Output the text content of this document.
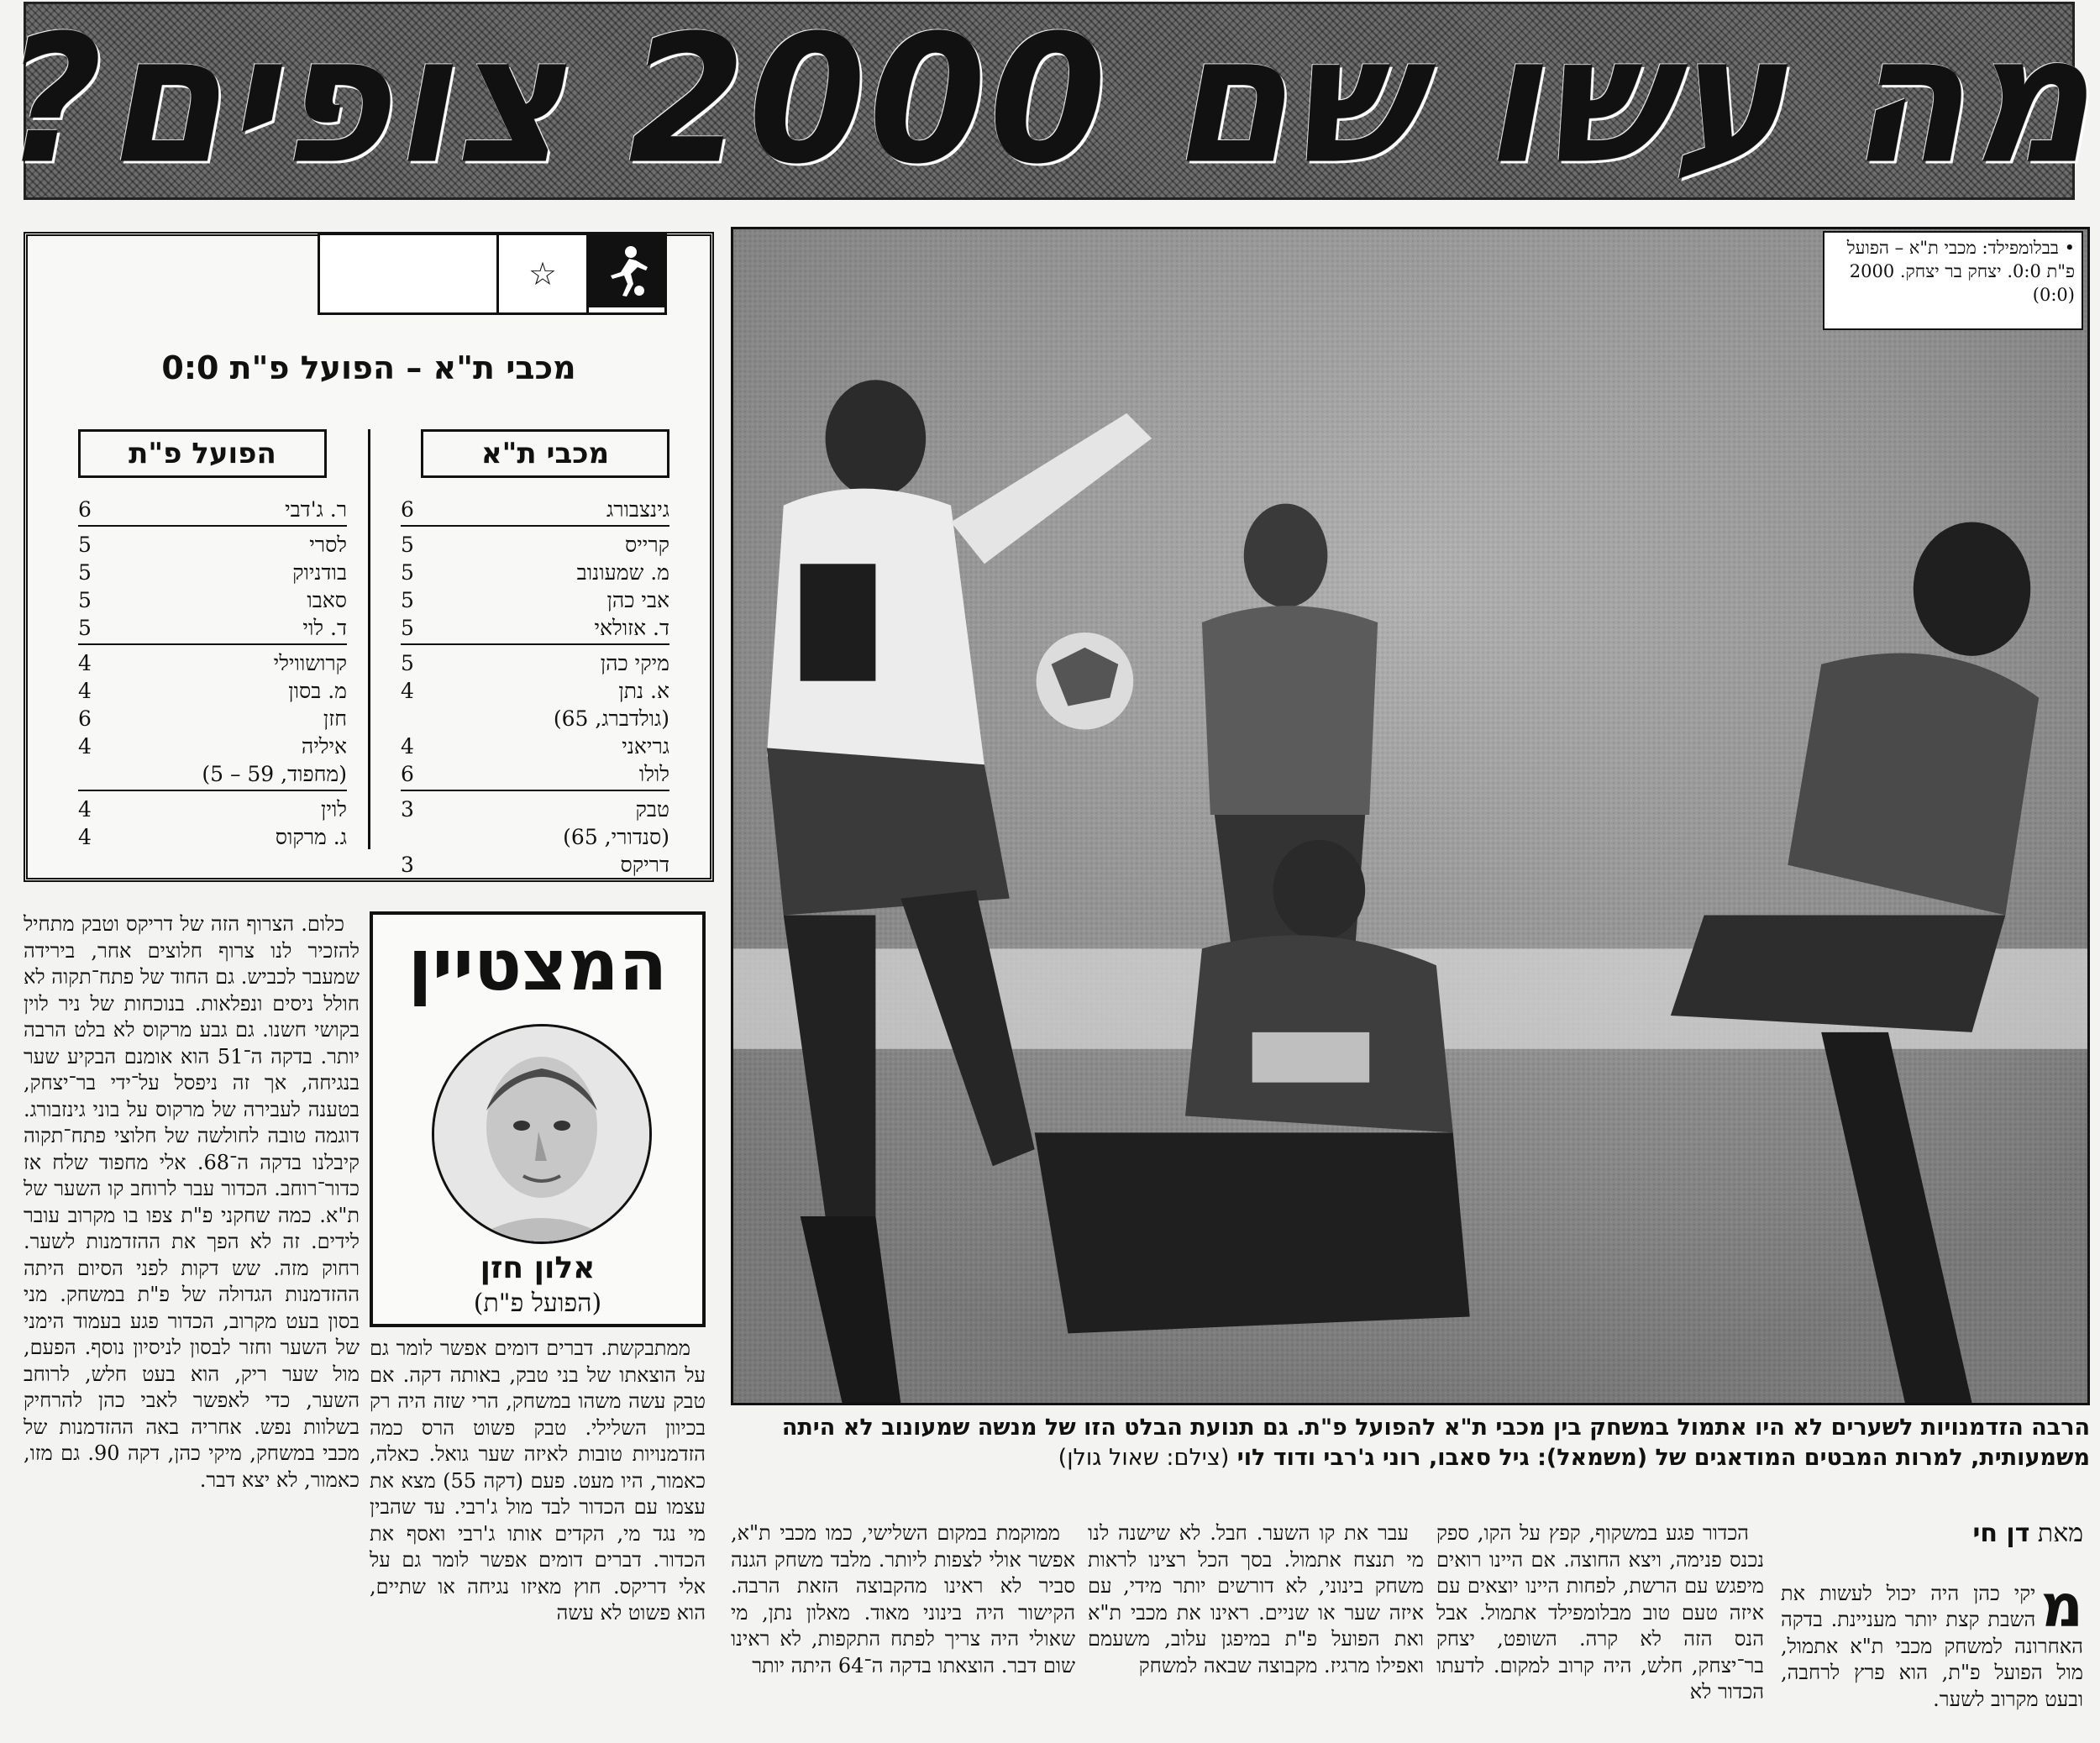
מה עשו שם 2000 צופים?
☆
מכבי ת"א – הפועל פ"ת 0:0
מכבי ת"א
הפועל פ"ת
גינצבורג
6
קרייס
5
מ. שמעונוב
5
אבי כהן
5
ד. אזולאי
5
מיקי כהן
5
א. נתן
4
(גולדברג, 65)
גריאני
4
לולו
6
טבק
3
(סנדורי, 65)
דריקס
3
ר. ג'דבי
6
לסרי
5
בודניוק
5
סאבו
5
ד. לוי
5
קרושווילי
4
מ. בסון
4
חזן
6
איליה
4
(מחפוד, 59 – 5)
לוין
4
ג. מרקוס
4
• בבלומפילד: מכבי ת"א – הפועל פ"ת 0:0. יצחק בר יצחק. 2000 (0:0)
הרבה הזדמנויות לשערים לא היו אתמול במשחק בין מכבי ת"א להפועל פ"ת. גם תנועת הבלט הזו של מנשה שמעונוב לא היתה משמעותית, למרות המבטים המודאגים של (משמאל): גיל סאבו, רוני ג'רבי ודוד לוי (צילם: שאול גולן)
המצטיין
אלון חזן
(הפועל פ"ת)

כלום. הצרוף הזה של דריקס וטבק מתחיל להזכיר לנו צרוף חלוצים אחר, בירידה שמעבר לכביש. גם החוד של פתח־תקוה לא חולל ניסים ונפלאות. בנוכחות של ניר לוין בקושי חשנו. גם גבע מרקוס לא בלט הרבה יותר. בדקה ה־51 הוא אומנם הבקיע שער בנגיחה, אך זה ניפסל על־ידי בר־יצחק, בטענה לעבירה של מרקוס על בוני גינזבורג. דוגמה טובה לחולשה של חלוצי פתח־תקוה קיבלנו בדקה ה־68. אלי מחפוד שלח אז כדור־רוחב. הכדור עבר לרוחב קו השער של ת"א. כמה שחקני פ"ת צפו בו מקרוב עובר לידים. זה לא הפך את ההזדמנות לשער. רחוק מזה. שש דקות לפני הסיום היתה ההזדמנות הגדולה של פ"ת במשחק. מני בסון בעט מקרוב, הכדור פגע בעמוד הימני של השער וחזר לבסון לניסיון נוסף. הפעם, מול שער ריק, הוא בעט חלש, לרוחב השער, כדי לאפשר לאבי כהן להרחיק בשלוות נפש. אחריה באה ההזדמנות של מכבי במשחק, מיקי כהן, דקה 90. גם מזו, כאמור, לא יצא דבר.

ממתבקשת. דברים דומים אפשר לומר גם על הוצאתו של בני טבק, באותה דקה. אם טבק עשה משהו במשחק, הרי שזה היה רק בכיוון השלילי. טבק פשוט הרס כמה הזדמנויות טובות לאיזה שער גואל. כאלה, כאמור, היו מעט. פעם (דקה 55) מצא את עצמו עם הכדור לבד מול ג'רבי. עד שהבין מי נגד מי, הקדים אותו ג'רבי ואסף את הכדור. דברים דומים אפשר לומר גם על אלי דריקס. חוץ מאיזו נגיחה או שתיים, הוא פשוט לא עשה

ממוקמת במקום השלישי, כמו מכבי ת"א, אפשר אולי לצפות ליותר. מלבד משחק הגנה סביר לא ראינו מהקבוצה הזאת הרבה. הקישור היה בינוני מאוד. מאלון נתן, מי שאולי היה צריך לפתח התקפות, לא ראינו שום דבר. הוצאתו בדקה ה־64 היתה יותר

עבר את קו השער. חבל. לא שישנה לנו מי תנצח אתמול. בסך הכל רצינו לראות משחק בינוני, לא דורשים יותר מידי, עם איזה שער או שניים. ראינו את מכבי ת"א ואת הפועל פ"ת במיפגן עלוב, משעמם ואפילו מרגיז. מקבוצה שבאה למשחק

הכדור פגע במשקוף, קפץ על הקו, ספק נכנס פנימה, ויצא החוצה. אם היינו רואים מיפגש עם הרשת, לפחות היינו יוצאים עם איזה טעם טוב מבלומפילד אתמול. אבל הנס הזה לא קרה. השופט, יצחק בר־יצחק, חלש, היה קרוב למקום. לדעתו הכדור לא

מאת דן חי
מ
יקי כהן היה יכול לעשות את השבת קצת יותר מעניינת. בדקה האחרונה למשחק מכבי ת"א אתמול, מול הפועל פ"ת, הוא פרץ לרחבה, ובעט מקרוב לשער.
